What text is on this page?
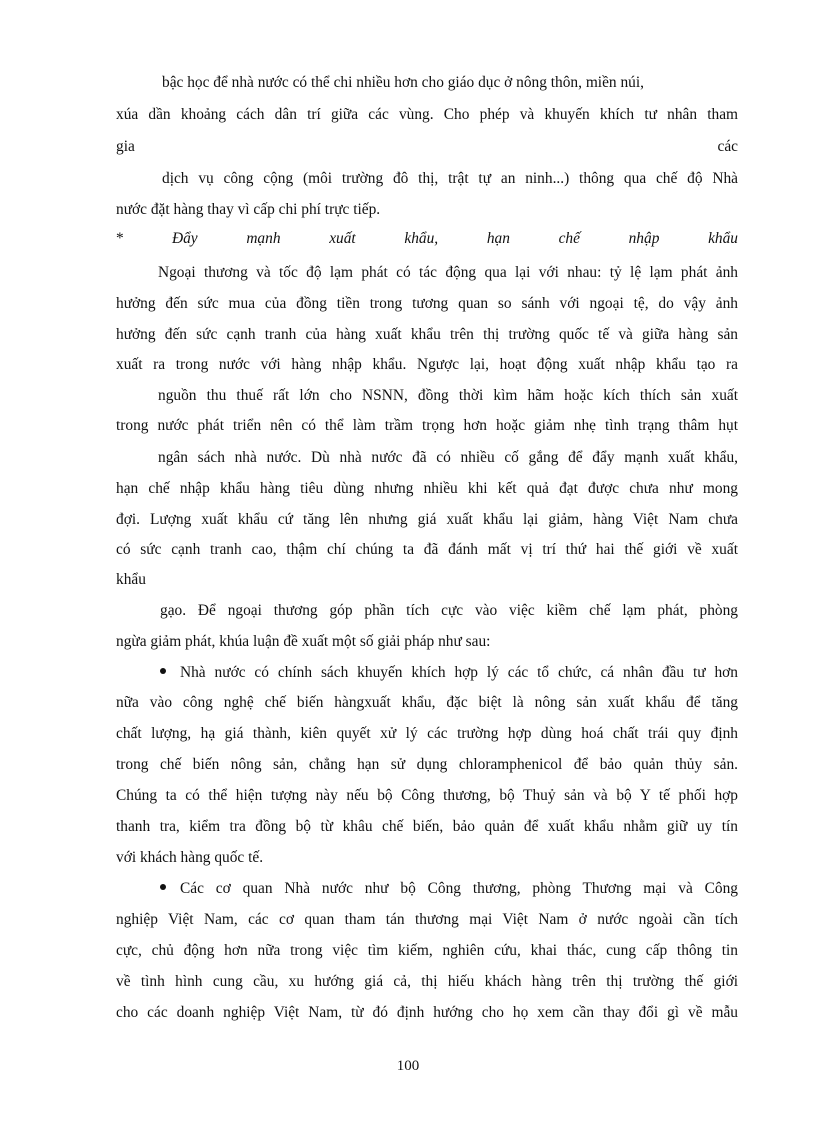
bậc học để nhà nước có thể chi nhiều hơn cho giáo dục ở nông thôn, miền núi,
xúa dần khoảng cách dân trí giữa các vùng. Cho phép và khuyến khích tư nhân tham
gia	các
dịch vụ công cộng (môi trường đô thị, trật tự an ninh...) thông qua chế độ Nhà
nước đặt hàng thay vì cấp chi phí trực tiếp.
*	Đẩy mạnh xuất khẩu, hạn chế nhập khẩu
Ngoại thương và tốc độ lạm phát có tác động qua lại với nhau: tỷ lệ lạm phát ảnh
hưởng đến sức mua của đồng tiền trong tương quan so sánh với ngoại tệ, do vậy ảnh
hưởng đến sức cạnh tranh của hàng xuất khẩu trên thị trường quốc tế và giữa hàng sản
xuất ra trong nước với hàng nhập khẩu. Ngược lại, hoạt động xuất nhập khẩu tạo ra
nguồn thu thuế rất lớn cho NSNN, đồng thời kìm hãm hoặc kích thích sản xuất
trong nước phát triển nên có thể làm trầm trọng hơn hoặc giảm nhẹ tình trạng thâm hụt
ngân sách nhà nước. Dù nhà nước đã có nhiều cố gắng để đẩy mạnh xuất khẩu,
hạn chế nhập khẩu hàng tiêu dùng nhưng nhiều khi kết quả đạt được chưa như mong
đợi. Lượng xuất khẩu cứ tăng lên nhưng giá xuất khẩu lại giảm, hàng Việt Nam chưa
có sức cạnh tranh cao, thậm chí chúng ta đã đánh mất vị trí thứ hai thế giới về xuất
khẩu
gạo. Để ngoại thương góp phần tích cực vào việc kiềm chế lạm phát, phòng
ngừa giảm phát, khúa luận đề xuất một số giải pháp như sau:
Nhà nước có chính sách khuyến khích hợp lý các tổ chức, cá nhân đầu tư hơn
nữa vào công nghệ chế biến hàngxuất khẩu, đặc biệt là nông sản xuất khẩu để tăng
chất lượng, hạ giá thành, kiên quyết xử lý các trường hợp dùng hoá chất trái quy định
trong chế biến nông sản, chẳng hạn sử dụng chloramphenicol để bảo quản thủy sản.
Chúng ta có thể hiện tượng này nếu bộ Công thương, bộ Thuỷ sản và bộ Y tế phối hợp
thanh tra, kiểm tra đồng bộ từ khâu chế biến, bảo quản để xuất khẩu nhằm giữ uy tín
với khách hàng quốc tế.
Các cơ quan Nhà nước như bộ Công thương, phòng Thương mại và Công
nghiệp Việt Nam, các cơ quan tham tán thương mại Việt Nam ở nước ngoài cần tích
cực, chủ động hơn nữa trong việc tìm kiếm, nghiên cứu, khai thác, cung cấp thông tin
về tình hình cung cầu, xu hướng giá cả, thị hiếu khách hàng trên thị trường thế giới
cho các doanh nghiệp Việt Nam, từ đó định hướng cho họ xem cần thay đổi gì về mẫu
100
